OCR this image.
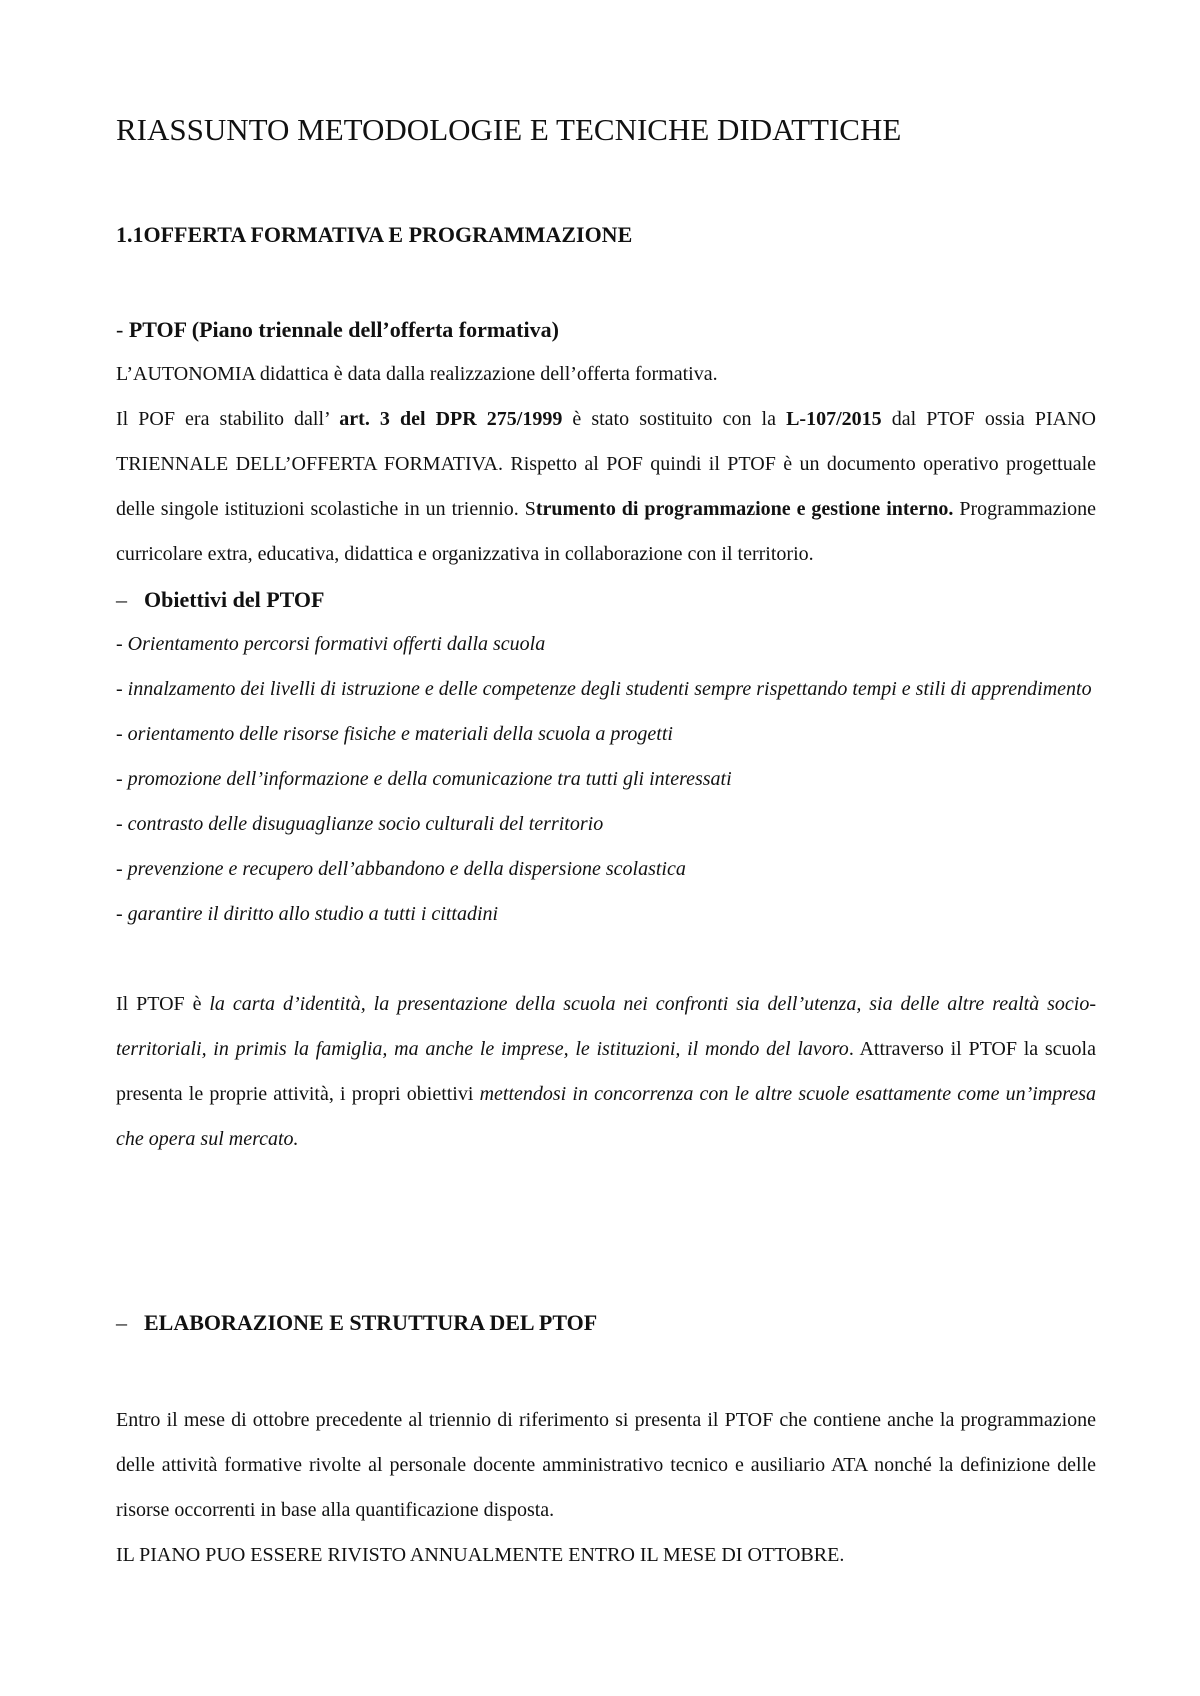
RIASSUNTO METODOLOGIE E TECNICHE DIDATTICHE
1.1OFFERTA FORMATIVA E PROGRAMMAZIONE
- PTOF (Piano triennale dell’offerta formativa)

L’AUTONOMIA didattica è data dalla realizzazione dell’offerta formativa.

Il POF era stabilito dall’ art. 3 del DPR 275/1999 è stato sostituito con la L-107/2015 dal PTOF ossia PIANO TRIENNALE DELL’OFFERTA FORMATIVA. Rispetto al POF quindi il PTOF è un documento operativo progettuale delle singole istituzioni scolastiche in un triennio. Strumento di programmazione e gestione interno. Programmazione curricolare extra, educativa, didattica e organizzativa in collaborazione con il territorio.

– Obiettivi del PTOF
- Orientamento percorsi formativi offerti dalla scuola
- innalzamento dei livelli di istruzione e delle competenze degli studenti sempre rispettando tempi e stili di apprendimento
- orientamento delle risorse fisiche e materiali della scuola a progetti
- promozione dell’informazione e della comunicazione tra tutti gli interessati
- contrasto delle disuguaglianze socio culturali del territorio
- prevenzione e recupero dell’abbandono e della dispersione scolastica
- garantire il diritto allo studio a tutti i cittadini

Il PTOF è la carta d’identità, la presentazione della scuola nei confronti sia dell’utenza, sia delle altre realtà socio-territoriali, in primis la famiglia, ma anche le imprese, le istituzioni, il mondo del lavoro. Attraverso il PTOF la scuola presenta le proprie attività, i propri obiettivi mettendosi in concorrenza con le altre scuole esattamente come un’impresa che opera sul mercato.

– ELABORAZIONE E STRUTTURA DEL PTOF

Entro il mese di ottobre precedente al triennio di riferimento si presenta il PTOF che contiene anche la programmazione delle attività formative rivolte al personale docente amministrativo tecnico e ausiliario ATA nonché la definizione delle risorse occorrenti in base alla quantificazione disposta.

IL PIANO PUO ESSERE RIVISTO ANNUALMENTE ENTRO IL MESE DI OTTOBRE.
